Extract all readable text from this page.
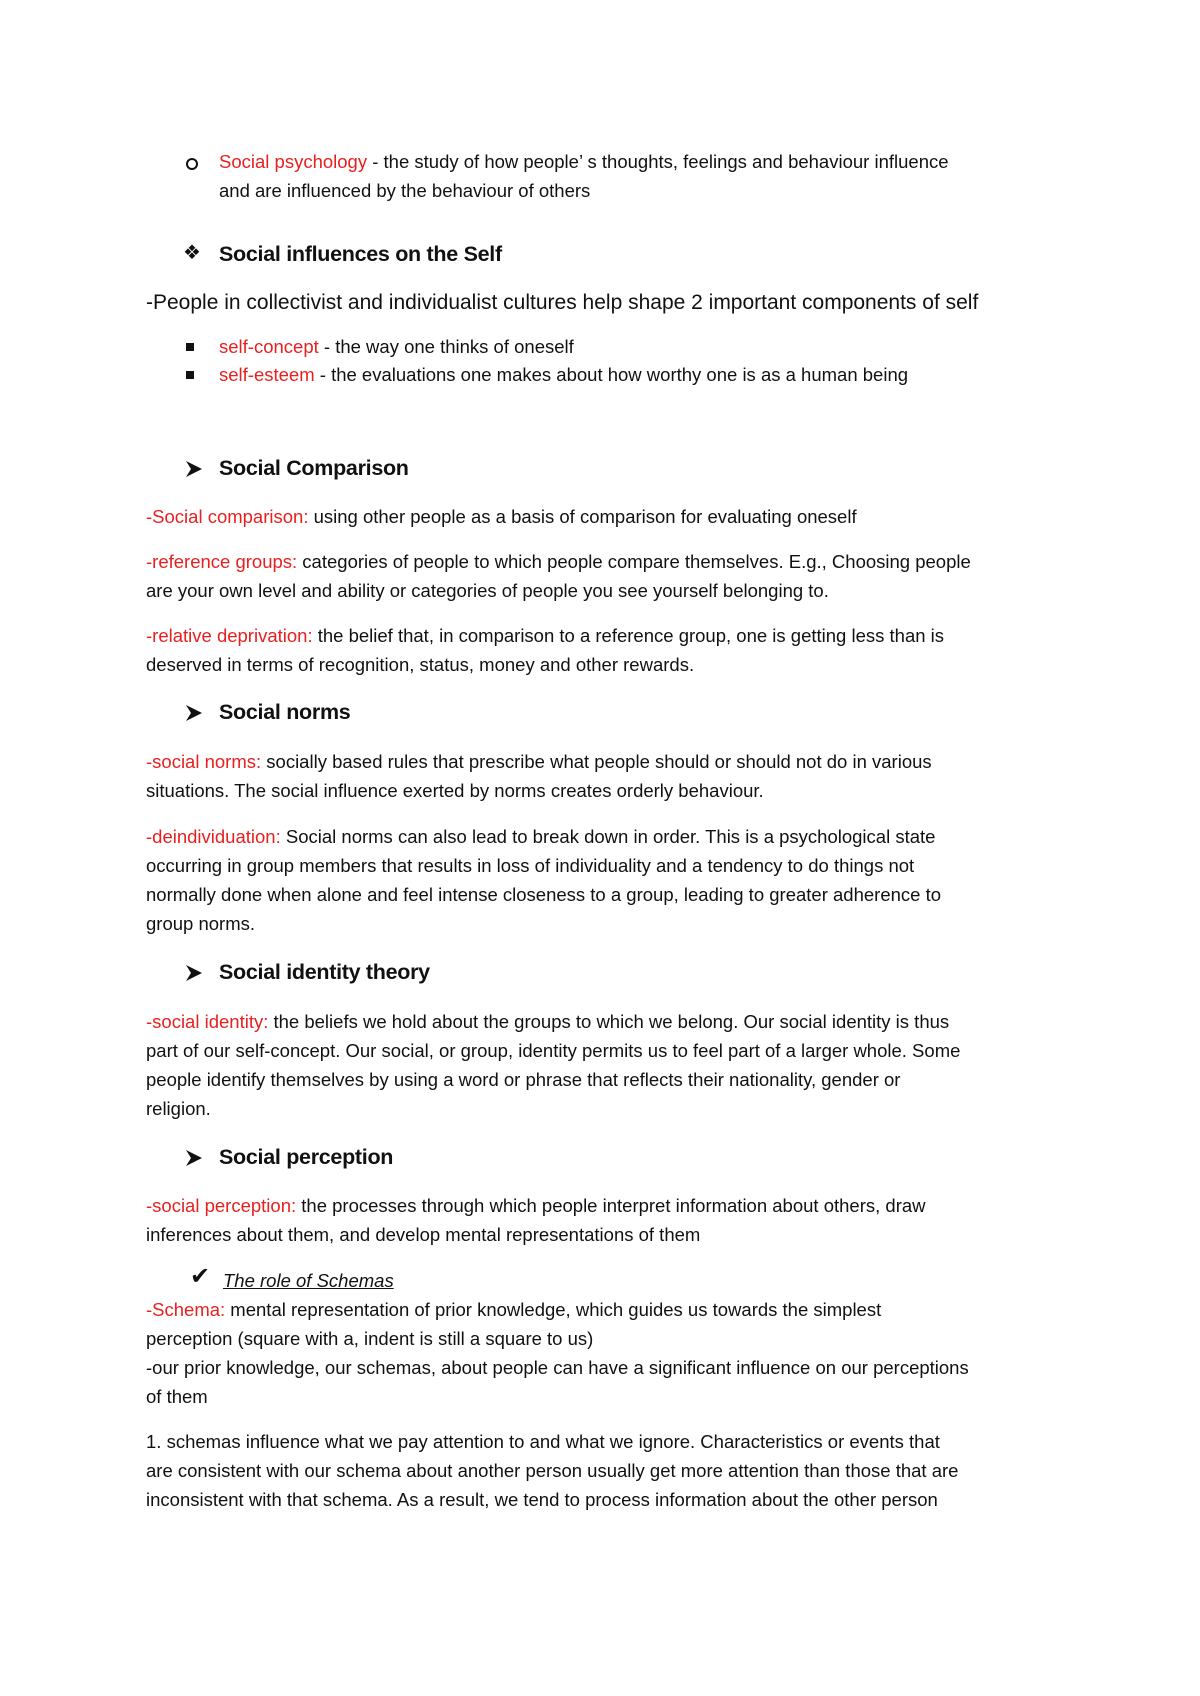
Social psychology - the study of how people’ s thoughts, feelings and behaviour influence
and are influenced by the behaviour of others
❖ Social influences on the Self
-People in collectivist and individualist cultures help shape 2 important components of self
self-concept - the way one thinks of oneself
self-esteem - the evaluations one makes about how worthy one is as a human being
Social Comparison
-Social comparison: using other people as a basis of comparison for evaluating oneself
-reference groups: categories of people to which people compare themselves. E.g., Choosing people
are your own level and ability or categories of people you see yourself belonging to.
-relative deprivation: the belief that, in comparison to a reference group, one is getting less than is
deserved in terms of recognition, status, money and other rewards.
Social norms
-social norms: socially based rules that prescribe what people should or should not do in various
situations. The social influence exerted by norms creates orderly behaviour.
-deindividuation: Social norms can also lead to break down in order. This is a psychological state
occurring in group members that results in loss of individuality and a tendency to do things not
normally done when alone and feel intense closeness to a group, leading to greater adherence to
group norms.
Social identity theory
-social identity: the beliefs we hold about the groups to which we belong. Our social identity is thus
part of our self-concept. Our social, or group, identity permits us to feel part of a larger whole. Some
people identify themselves by using a word or phrase that reflects their nationality, gender or
religion.
Social perception
-social perception: the processes through which people interpret information about others, draw
inferences about them, and develop mental representations of them
✔ The role of Schemas
-Schema: mental representation of prior knowledge, which guides us towards the simplest
perception (square with a, indent is still a square to us)
-our prior knowledge, our schemas, about people can have a significant influence on our perceptions
of them
1. schemas influence what we pay attention to and what we ignore. Characteristics or events that
are consistent with our schema about another person usually get more attention than those that are
inconsistent with that schema. As a result, we tend to process information about the other person
